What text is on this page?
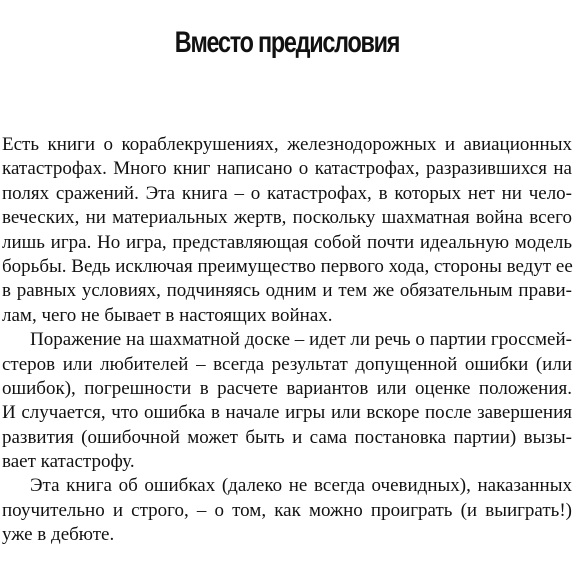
Вместо предисловия
Есть книги о кораблекрушениях, железнодорожных и авиационных
катастрофах. Много книг написано о катастрофах, разразившихся на
полях сражений. Эта книга – о катастрофах, в которых нет ни чело-
веческих, ни материальных жертв, поскольку шахматная война всего
лишь игра. Но игра, представляющая собой почти идеальную модель
борьбы. Ведь исключая преимущество первого хода, стороны ведут ее
в равных условиях, подчиняясь одним и тем же обязательным прави-
лам, чего не бывает в настоящих войнах.
Поражение на шахматной доске – идет ли речь о партии гроссмей-
стеров или любителей – всегда результат допущенной ошибки (или
ошибок), погрешности в расчете вариантов или оценке положения.
И случается, что ошибка в начале игры или вскоре после завершения
развития (ошибочной может быть и сама постановка партии) вызы-
вает катастрофу.
Эта книга об ошибках (далеко не всегда очевидных), наказанных
поучительно и строго, – о том, как можно проиграть (и выиграть!)
уже в дебюте.
